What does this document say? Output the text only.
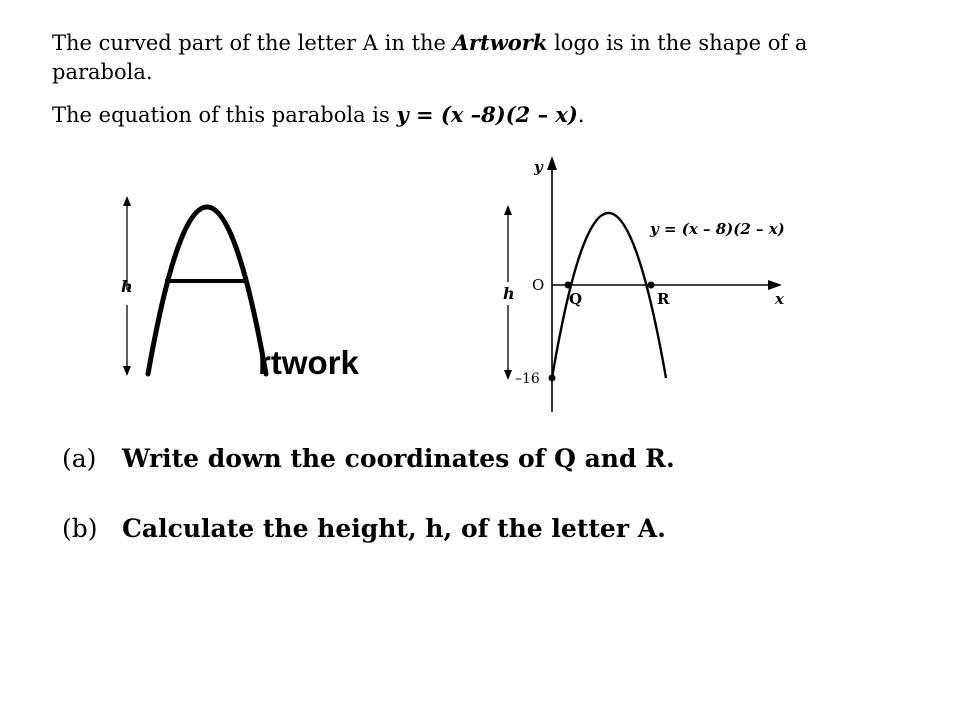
The curved part of the letter A in the Artwork logo is in the shape of a parabola.

The equation of this parabola is y = (x –8)(2 – x).

h
rtwork
y
x
O
Q	R
–16
y = (x – 8)(2 – x)
h
(a) Write down the coordinates of Q and R.
(b) Calculate the height, h, of the letter A.
